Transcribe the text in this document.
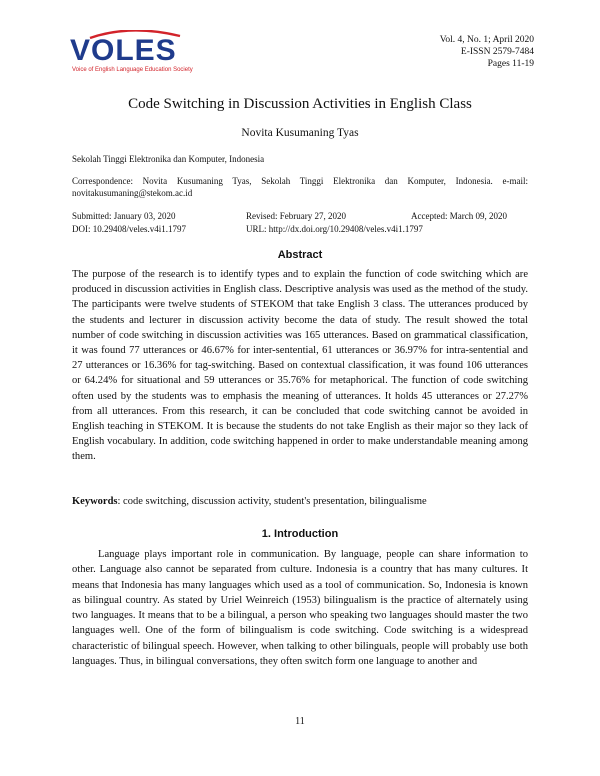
VOLES
Voice of English Language Education Society
Vol. 4, No. 1; April 2020
E-ISSN 2579-7484
Pages 11-19
Code Switching in Discussion Activities in English Class
Novita Kusumaning Tyas
Sekolah Tinggi Elektronika dan Komputer, Indonesia
Correspondence: Novita Kusumaning Tyas, Sekolah Tinggi Elektronika dan Komputer, Indonesia. e-mail: novitakusumaning@stekom.ac.id
Submitted: January 03, 2020	Revised: February 27, 2020	Accepted: March 09, 2020
DOI: 10.29408/veles.v4i1.1797	URL: http://dx.doi.org/10.29408/veles.v4i1.1797
Abstract
The purpose of the research is to identify types and to explain the function of code switching which are produced in discussion activities in English class. Descriptive analysis was used as the method of the study. The participants were twelve students of STEKOM that take English 3 class. The utterances produced by the students and lecturer in discussion activity become the data of study. The result showed the total number of code switching in discussion activities was 165 utterances. Based on grammatical classification, it was found 77 utterances or 46.67% for inter-sentential, 61 utterances or 36.97% for intra-sentential and 27 utterances or 16.36% for tag-switching. Based on contextual classification, it was found 106 utterances or 64.24% for situational and 59 utterances or 35.76% for metaphorical. The function of code switching often used by the students was to emphasis the meaning of utterances. It holds 45 utterances or 27.27% from all utterances. From this research, it can be concluded that code switching cannot be avoided in English teaching in STEKOM. It is because the students do not take English as their major so they lack of English vocabulary. In addition, code switching happened in order to make understandable meaning among them.
Keywords: code switching, discussion activity, student's presentation, bilingualisme
1. Introduction
Language plays important role in communication. By language, people can share information to other. Language also cannot be separated from culture. Indonesia is a country that has many cultures. It means that Indonesia has many languages which used as a tool of communication. So, Indonesia is known as bilingual country. As stated by Uriel Weinreich (1953) bilingualism is the practice of alternately using two languages. It means that to be a bilingual, a person who speaking two languages should master the two languages well. One of the form of bilingualism is code switching. Code switching is a widespread characteristic of bilingual speech. However, when talking to other bilinguals, people will probably use both languages. Thus, in bilingual conversations, they often switch form one language to another and
11
